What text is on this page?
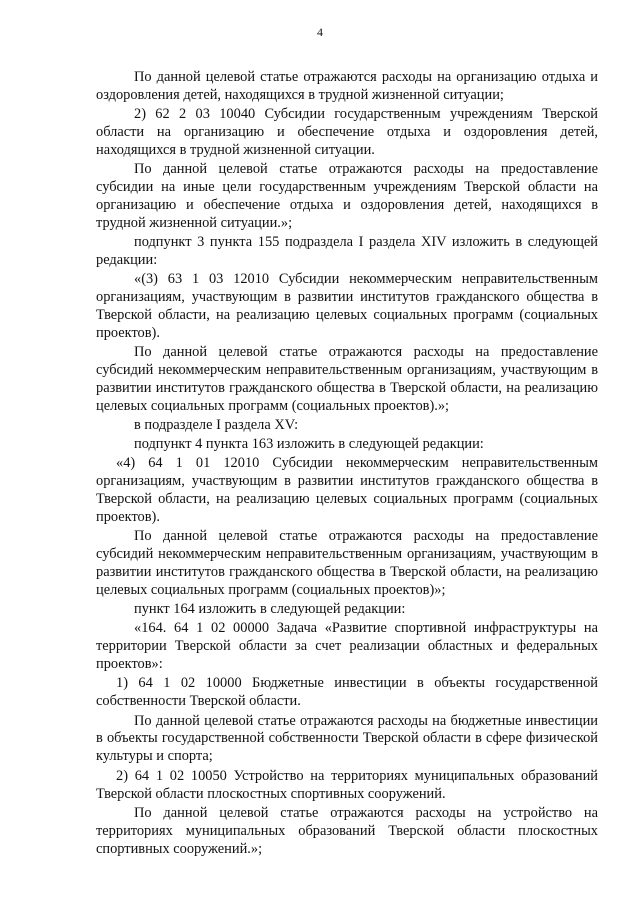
4

По данной целевой статье отражаются расходы на организацию отдыха и оздоровления детей, находящихся в трудной жизненной ситуации;

2) 62 2 03 10040 Субсидии государственным учреждениям Тверской области на организацию и обеспечение отдыха и оздоровления детей, находящихся в трудной жизненной ситуации.

По данной целевой статье отражаются расходы на предоставление субсидии на иные цели государственным учреждениям Тверской области на организацию и обеспечение отдыха и оздоровления детей, находящихся в трудной жизненной ситуации.»;

подпункт 3 пункта 155 подраздела I раздела XIV изложить в следующей редакции:

«(3) 63 1 03 12010 Субсидии некоммерческим неправительственным организациям, участвующим в развитии институтов гражданского общества в Тверской области, на реализацию целевых социальных программ (социальных проектов).

По данной целевой статье отражаются расходы на предоставление субсидий некоммерческим неправительственным организациям, участвующим в развитии институтов гражданского общества в Тверской области, на реализацию целевых социальных программ (социальных проектов).»;

в подразделе I раздела XV:

подпункт 4 пункта 163 изложить в следующей редакции:

«4) 64 1 01 12010 Субсидии некоммерческим неправительственным организациям, участвующим в развитии институтов гражданского общества в Тверской области, на реализацию целевых социальных программ (социальных проектов).

По данной целевой статье отражаются расходы на предоставление субсидий некоммерческим неправительственным организациям, участвующим в развитии институтов гражданского общества в Тверской области, на реализацию целевых социальных программ (социальных проектов)»;

пункт 164 изложить в следующей редакции:

«164. 64 1 02 00000 Задача «Развитие спортивной инфраструктуры на территории Тверской области за счет реализации областных и федеральных проектов»:

1) 64 1 02 10000 Бюджетные инвестиции в объекты государственной собственности Тверской области.

По данной целевой статье отражаются расходы на бюджетные инвестиции в объекты государственной собственности Тверской области в сфере физической культуры и спорта;

2) 64 1 02 10050 Устройство на территориях муниципальных образований Тверской области плоскостных спортивных сооружений.

По данной целевой статье отражаются расходы на устройство на территориях муниципальных образований Тверской области плоскостных спортивных сооружений.»;
